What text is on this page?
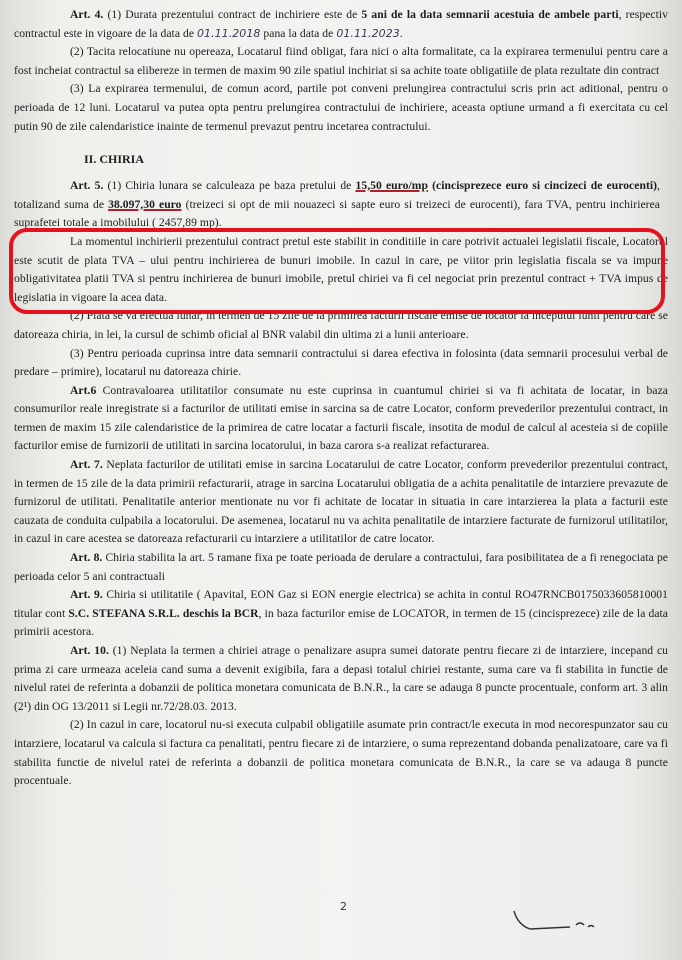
Art. 4. (1) Durata prezentului contract de inchiriere este de 5 ani de la data semnarii acestuia de ambele parti, respectiv contractul este in vigoare de la data de 01.11.2018 pana la data de 01.11.2023.

(2) Tacita relocatiune nu opereaza, Locatarul fiind obligat, fara nici o alta formalitate, ca la expirarea termenului pentru care a fost incheiat contractul sa elibereze in termen de maxim 90 zile spatiul inchiriat si sa achite toate obligatiile de plata rezultate din contract

(3) La expirarea termenului, de comun acord, partile pot conveni prelungirea contractului scris prin act aditional, pentru o perioada de 12 luni. Locatarul va putea opta pentru prelungirea contractului de inchiriere, aceasta optiune urmand a fi exercitata cu cel putin 90 de zile calendaristice inainte de termenul prevazut pentru incetarea contractului.

II. CHIRIA

Art. 5. (1) Chiria lunara se calculeaza pe baza pretului de 15,50 euro/mp (cincisprezece euro si cincizeci de eurocenti), totalizand suma de 38.097,30 euro (treizeci si opt de mii nouazeci si sapte euro si treizeci de eurocenti), fara TVA, pentru inchirierea suprafetei totale a imobilului ( 2457,89 mp).

La momentul inchirierii prezentului contract pretul este stabilit in conditiile in care potrivit actualei legislatii fiscale, Locatorul este scutit de plata TVA – ului pentru inchirierea de bunuri imobile. In cazul in care, pe viitor prin legislatia fiscala se va impune obligativitatea platii TVA si pentru inchirierea de bunuri imobile, pretul chiriei va fi cel negociat prin prezentul contract + TVA impus de legislatia in vigoare la acea data.

(2) Plata se va efectua lunar, in termen de 15 zile de la primirea facturii fiscale emise de locator la inceputul lunii pentru care se datoreaza chiria, in lei, la cursul de schimb oficial al BNR valabil din ultima zi a lunii anterioare.

(3) Pentru perioada cuprinsa intre data semnarii contractului si darea efectiva in folosinta (data semnarii procesului verbal de predare – primire), locatarul nu datoreaza chirie.

Art.6 Contravaloarea utilitatilor consumate nu este cuprinsa in cuantumul chiriei si va fi achitata de locatar, in baza consumurilor reale inregistrate si a facturilor de utilitati emise in sarcina sa de catre Locator, conform prevederilor prezentului contract, in termen de maxim 15 zile calendaristice de la primirea de catre locatar a facturii fiscale, insotita de modul de calcul al acesteia si de copiile facturilor emise de furnizorii de utilitati in sarcina locatorului, in baza carora s-a realizat refacturarea.

Art. 7. Neplata facturilor de utilitati emise in sarcina Locatarului de catre Locator, conform prevederilor prezentului contract, in termen de 15 zile de la data primirii refacturarii, atrage in sarcina Locatarului obligatia de a achita penalitatile de intarziere prevazute de furnizorul de utilitati. Penalitatile anterior mentionate nu vor fi achitate de locatar in situatia in care intarzierea la plata a facturii este cauzata de conduita culpabila a locatorului. De asemenea, locatarul nu va achita penalitatile de intarziere facturate de furnizorul utilitatilor, in cazul in care acestea se datoreaza refacturarii cu intarziere a utilitatilor de catre locator.

Art. 8. Chiria stabilita la art. 5 ramane fixa pe toate perioada de derulare a contractului, fara posibilitatea de a fi renegociata pe perioada celor 5 ani contractuali

Art. 9. Chiria si utilitatile ( Apavital, EON Gaz si EON energie electrica) se achita in contul RO47RNCB0175033605810001 titular cont S.C. STEFANA S.R.L. deschis la BCR, in baza facturilor emise de LOCATOR, in termen de 15 (cincisprezece) zile de la data primirii acestora.

Art. 10. (1) Neplata la termen a chiriei atrage o penalizare asupra sumei datorate pentru fiecare zi de intarziere, incepand cu prima zi care urmeaza aceleia cand suma a devenit exigibila, fara a depasi totalul chiriei restante, suma care va fi stabilita in functie de nivelul ratei de referinta a dobanzii de politica monetara comunicata de B.N.R., la care se adauga 8 puncte procentuale, conform art. 3 alin (2¹) din OG 13/2011 si Legii nr.72/28.03. 2013.

(2) In cazul in care, locatorul nu-si executa culpabil obligatiile asumate prin contract/le executa in mod necorespunzator sau cu intarziere, locatarul va calcula si factura ca penalitati, pentru fiecare zi de intarziere, o suma reprezentand dobanda penalizatoare, care va fi stabilita functie de nivelul ratei de referinta a dobanzii de politica monetara comunicata de B.N.R., la care se va adauga 8 puncte procentuale.

2
